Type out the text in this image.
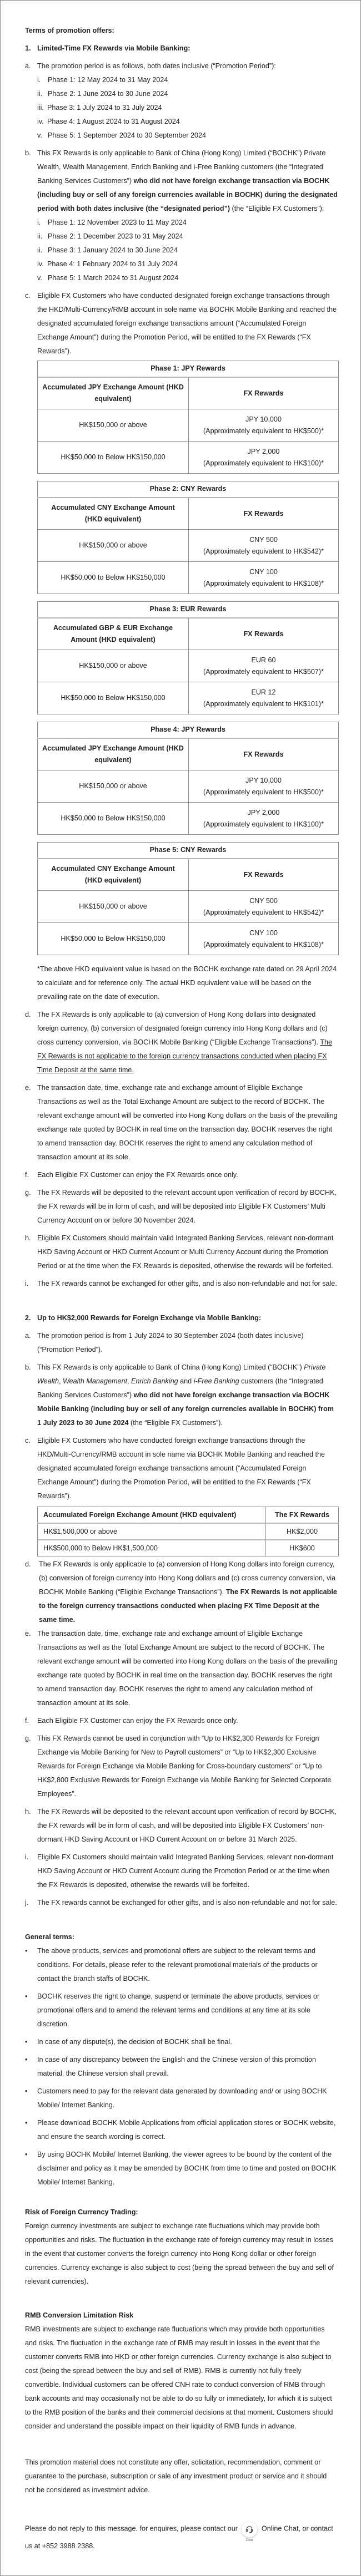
Terms of promotion offers:
1. Limited-Time FX Rewards via Mobile Banking:
a. The promotion period is as follows, both dates inclusive (“Promotion Period”):
i.	Phase 1: 12 May 2024 to 31 May 2024
ii. Phase 2: 1 June 2024 to 30 June 2024
iii. Phase 3: 1 July 2024 to 31 July 2024
iv. Phase 4: 1 August 2024 to 31 August 2024
v. Phase 5: 1 September 2024 to 30 September 2024
b. This FX Rewards is only applicable to Bank of China (Hong Kong) Limited (“BOCHK”) Private Wealth, Wealth Management, Enrich Banking and i-Free Banking customers (the “Integrated Banking Services Customers”) who did not have foreign exchange transaction via BOCHK (including buy or sell of any foreign currencies available in BOCHK) during the designated period with both dates inclusive (the “designated period”) (the “Eligible FX Customers”):
i.	Phase 1: 12 November 2023 to 11 May 2024
ii. Phase 2: 1 December 2023 to 31 May 2024
ii. Phase 3: 1 January 2024 to 30 June 2024
iv. Phase 4: 1 February 2024 to 31 July 2024
v. Phase 5: 1 March 2024 to 31 August 2024
c. Eligible FX Customers who have conducted designated foreign exchange transactions through the HKD/Multi-Currency/RMB account in sole name via BOCHK Mobile Banking and reached the designated accumulated foreign exchange transactions amount (“Accumulated Foreign Exchange Amount”) during the Promotion Period, will be entitled to the FX Rewards (“FX Rewards”).
Phase 1: JPY Rewards	
Accumulated JPY Exchange Amount (HKD equivalent)	FX Rewards
HK$150,000 or above	JPY 10,000
(Approximately equivalent to HK$500)*

HK$50,000 to Below HK$150,000	JPY 2,000
(Approximately equivalent to HK$100)*
Phase 2: CNY Rewards	
Accumulated CNY Exchange Amount (HKD equivalent)	FX Rewards
HK$150,000 or above	CNY 500
(Approximately equivalent to HK$542)*

HK$50,000 to Below HK$150,000	CNY 100
(Approximately equivalent to HK$108)*
Phase 3: EUR Rewards	
Accumulated GBP & EUR Exchange Amount (HKD equivalent)	FX Rewards
HK$150,000 or above	EUR 60
(Approximately equivalent to HK$507)*

HK$50,000 to Below HK$150,000	EUR 12
(Approximately equivalent to HK$101)*
Phase 4: JPY Rewards	
Accumulated JPY Exchange Amount (HKD equivalent)	FX Rewards
HK$150,000 or above	JPY 10,000
(Approximately equivalent to HK$500)*

HK$50,000 to Below HK$150,000	JPY 2,000
(Approximately equivalent to HK$100)*
Phase 5: CNY Rewards	
Accumulated CNY Exchange Amount (HKD equivalent)	FX Rewards
HK$150,000 or above	CNY 500
(Approximately equivalent to HK$542)*

HK$50,000 to Below HK$150,000	CNY 100
(Approximately equivalent to HK$108)*
*The above HKD equivalent value is based on the BOCHK exchange rate dated on 29 April 2024 to calculate and for reference only. The actual HKD equivalent value will be based on the prevailing rate on the date of execution.
d. The FX Rewards is only applicable to (a) conversion of Hong Kong dollars into designated foreign currency, (b) conversion of designated foreign currency into Hong Kong dollars and (c) cross currency conversion, via BOCHK Mobile Banking (“Eligible Exchange Transactions”). The FX Rewards is not applicable to the foreign currency transactions conducted when placing FX Time Deposit at the same time.
e. The transaction date, time, exchange rate and exchange amount of Eligible Exchange Transactions as well as the Total Exchange Amount are subject to the record of BOCHK. The relevant exchange amount will be converted into Hong Kong dollars on the basis of the prevailing exchange rate quoted by BOCHK in real time on the transaction day. BOCHK reserves the right to amend transaction day. BOCHK reserves the right to amend any calculation method of transaction amount at its sole.
f.	Each Eligible FX Customer can enjoy the FX Rewards once only.
g. The FX Rewards will be deposited to the relevant account upon verification of record by BOCHK, the FX rewards will be in form of cash, and will be deposited into Eligible FX Customers’ Multi Currency Account on or before 30 November 2024.
h. Eligible FX Customers should maintain valid Integrated Banking Services, relevant non-dormant HKD Saving Account or HKD Current Account or Multi Currency Account during the Promotion Period or at the time when the FX Rewards is deposited, otherwise the rewards will be forfeited.
i.	The FX rewards cannot be exchanged for other gifts, and is also non-refundable and not for sale.
2. Up to HK$2,000 Rewards for Foreign Exchange via Mobile Banking:
a. The promotion period is from 1 July 2024 to 30 September 2024 (both dates inclusive)(“Promotion Period”).
b. This FX Rewards is only applicable to Bank of China (Hong Kong) Limited (“BOCHK”) Private Wealth, Wealth Management, Enrich Banking and i-Free Banking customers (the “Integrated Banking Services Customers”) who did not have foreign exchange transaction via BOCHK Mobile Banking (including buy or sell of any foreign currencies available in BOCHK) from 1 July 2023 to 30 June 2024 (the “Eligible FX Customers”).
c. Eligible FX Customers who have conducted foreign exchange transactions through the HKD/Multi-Currency/RMB account in sole name via BOCHK Mobile Banking and reached the designated accumulated foreign exchange transactions amount (“Accumulated Foreign Exchange Amount”) during the Promotion Period, will be entitled to the FX Rewards (“FX Rewards”).
Accumulated Foreign Exchange Amount (HKD equivalent)	The FX Rewards
HK$1,500,000 or above	HK$2,000
HK$500,000 to Below HK$1,500,000	HK$600
d.	The FX Rewards is only applicable to (a) conversion of Hong Kong dollars into foreign currency, (b) conversion of foreign currency into Hong Kong dollars and (c) cross currency conversion, via BOCHK Mobile Banking (“Eligible Exchange Transactions”). The FX Rewards is not applicable to the foreign currency transactions conducted when placing FX Time Deposit at the same time.
e. The transaction date, time, exchange rate and exchange amount of Eligible Exchange Transactions as well as the Total Exchange Amount are subject to the record of BOCHK. The relevant exchange amount will be converted into Hong Kong dollars on the basis of the prevailing exchange rate quoted by BOCHK in real time on the transaction day. BOCHK reserves the right to amend transaction day. BOCHK reserves the right to amend any calculation method of transaction amount at its sole.
f.	Each Eligible FX Customer can enjoy the FX Rewards once only.
g. This FX Rewards cannot be used in conjunction with “Up to HK$2,300 Rewards for Foreign Exchange via Mobile Banking for New to Payroll customers” or “Up to HK$2,300 Exclusive Rewards for Foreign Exchange via Mobile Banking for Cross-boundary customers” or “Up to HK$2,800 Exclusive Rewards for Foreign Exchange via Mobile Banking for Selected Corporate Employees”.
h. The FX Rewards will be deposited to the relevant account upon verification of record by BOCHK, the FX rewards will be in form of cash, and will be deposited into Eligible FX Customers’ non-dormant HKD Saving Account or HKD Current Account on or before 31 March 2025.
i.	Eligible FX Customers should maintain valid Integrated Banking Services, relevant non-dormant HKD Saving Account or HKD Current Account during the Promotion Period or at the time when the FX Rewards is deposited, otherwise the rewards will be forfeited.
j.	The FX rewards cannot be exchanged for other gifts, and is also non-refundable and not for sale.
General terms:
•	The above products, services and promotional offers are subject to the relevant terms and conditions. For details, please refer to the relevant promotional materials of the products or contact the branch staffs of BOCHK.
•	BOCHK reserves the right to change, suspend or terminate the above products, services or promotional offers and to amend the relevant terms and conditions at any time at its sole discretion.
•	In case of any dispute(s), the decision of BOCHK shall be final.
•	In case of any discrepancy between the English and the Chinese version of this promotion material, the Chinese version shall prevail.
•	Customers need to pay for the relevant data generated by downloading and/ or using BOCHK Mobile/ Internet Banking.
•	Please download BOCHK Mobile Applications from official application stores or BOCHK website, and ensure the search wording is correct.
•	By using BOCHK Mobile/ Internet Banking, the viewer agrees to be bound by the content of the disclaimer and policy as it may be amended by BOCHK from time to time and posted on BOCHK Mobile/ Internet Banking.
Risk of Foreign Currency Trading:

Foreign currency investments are subject to exchange rate fluctuations which may provide both opportunities and risks. The fluctuation in the exchange rate of foreign currency may result in losses in the event that customer converts the foreign currency into Hong Kong dollar or other foreign currencies. Currency exchange is also subject to cost (being the spread between the buy and sell of relevant currencies).

RMB Conversion Limitation Risk

RMB investments are subject to exchange rate fluctuations which may provide both opportunities and risks. The fluctuation in the exchange rate of RMB may result in losses in the event that the customer converts RMB into HKD or other foreign currencies. Currency exchange is also subject to cost (being the spread between the buy and sell of RMB). RMB is currently not fully freely convertible. Individual customers can be offered CNH rate to conduct conversion of RMB through bank accounts and may occasionally not be able to do so fully or immediately, for which it is subject to the RMB position of the banks and their commercial decisions at that moment. Customers should consider and understand the possible impact on their liquidity of RMB funds in advance.

This promotion material does not constitute any offer, solicitation, recommendation, comment or guarantee to the purchase, subscription or sale of any investment product or service and it should not be considered as investment advice.

Please do not reply to this message. for enquires, please contact our
Chat
Online Chat, or contact us at +852 3988 2388.
